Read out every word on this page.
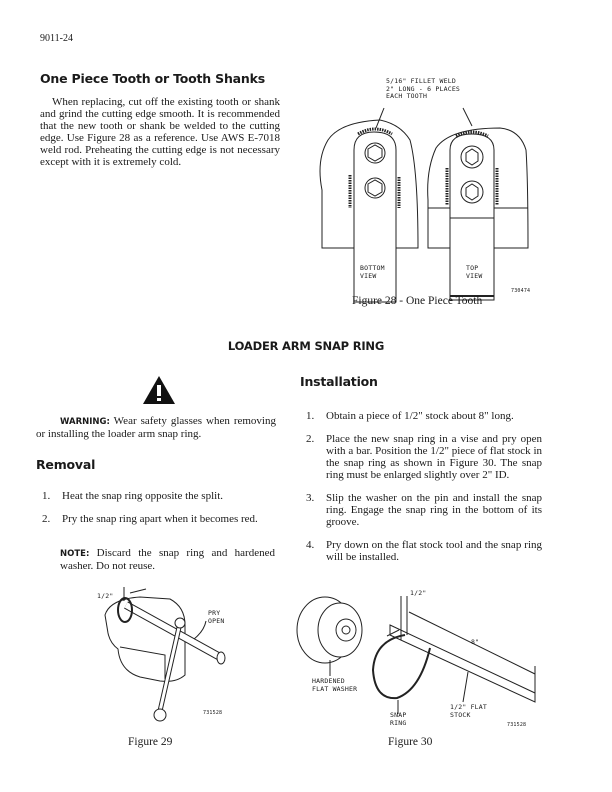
9011-24
One Piece Tooth or Tooth Shanks
When replacing, cut off the existing tooth or shank and grind the cutting edge smooth. It is recommended that the new tooth or shank be welded to the cutting edge. Use Figure 28 as a reference. Use AWS E-7018 weld rod. Preheating the cutting edge is not necessary except with it is extremely cold.
5/16" FILLET WELD
2" LONG - 6 PLACES
EACH TOOTH
BOTTOM
VIEW
TOP
VIEW
730474
Figure 28 - One Piece Tooth
LOADER ARM SNAP RING
WARNING: Wear safety glasses when removing or installing the loader arm snap ring.
Removal
1. Heat the snap ring opposite the split.
2. Pry the snap ring apart when it becomes red.
NOTE: Discard the snap ring and hardened washer. Do not reuse.
Installation
1. Obtain a piece of 1/2" stock about 8" long.
2. Place the new snap ring in a vise and pry open with a bar. Position the 1/2" piece of flat stock in the snap ring as shown in Figure 30. The snap ring must be enlarged slightly over 2" ID.
3. Slip the washer on the pin and install the snap ring. Engage the snap ring in the bottom of its groove.
4. Pry down on the flat stock tool and the snap ring will be installed.
1/2"
PRY
OPEN
731528
Figure 29
1/2"
8"
HARDENED
FLAT WASHER
SNAP
RING
1/2" FLAT
STOCK
731528
Figure 30
